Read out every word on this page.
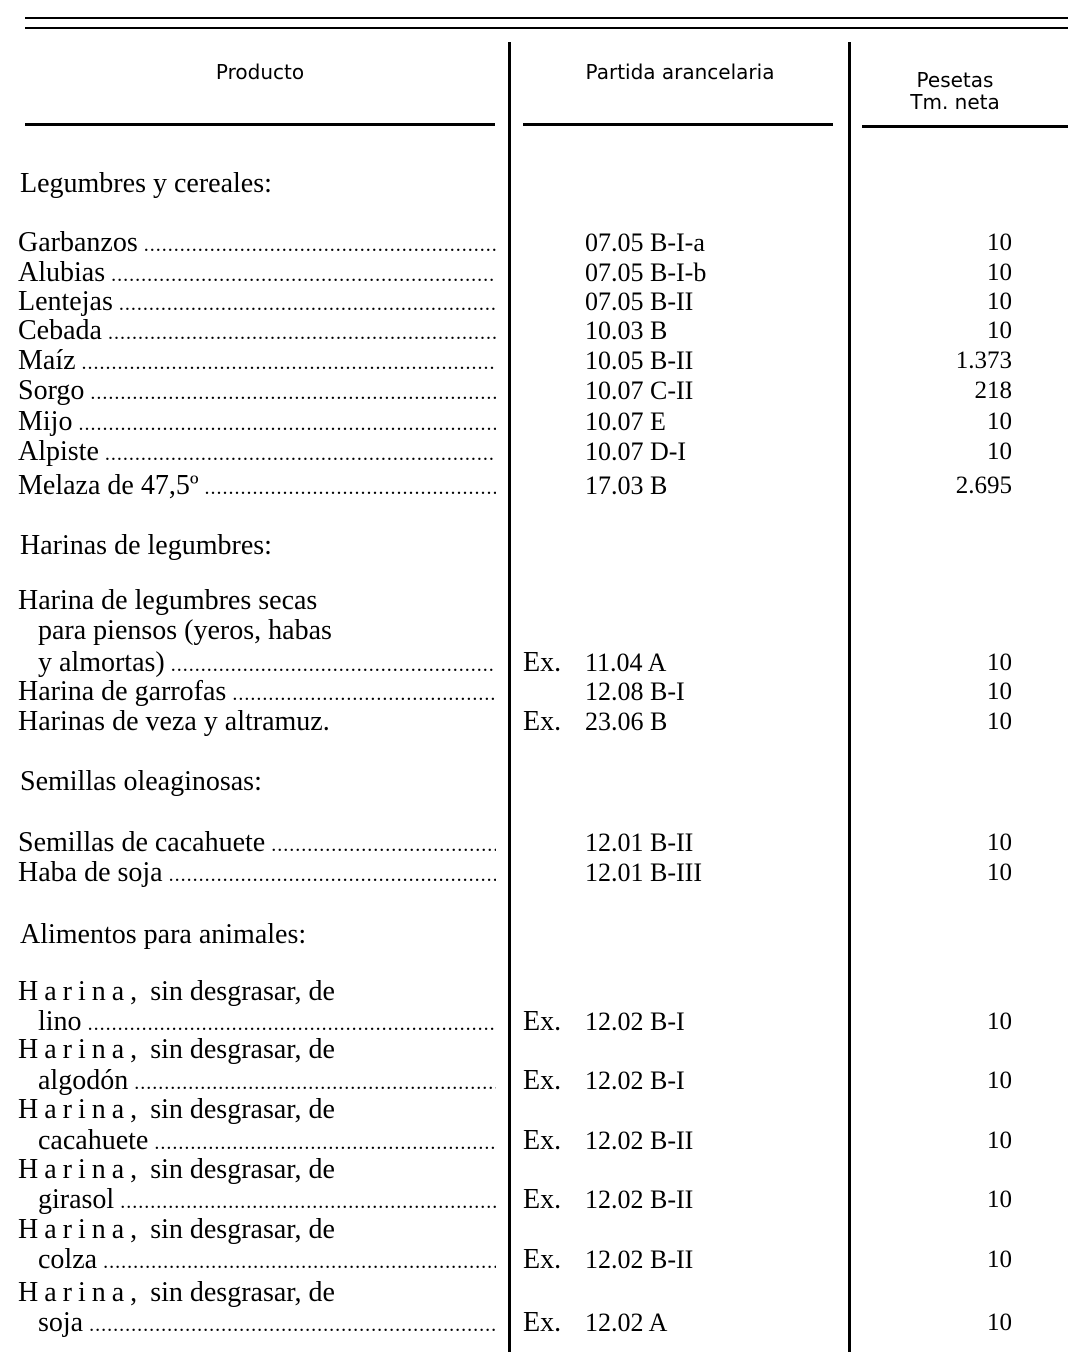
Producto	Partida arancelaria	Pesetas
Tm. neta
Legumbres y cereales:
Garbanzos .....	07.05 B-I-a	10
Alubias .....	07.05 B-I-b	10
Lentejas .....	07.05 B-II	10
Cebada .....	10.03 B	10
Maíz .....	10.05 B-II	1.373
Sorgo .....	10.07 C-II	218
Mijo .....	10.07 E	10
Alpiste .....	10.07 D-I	10
Melaza de 47,5º .....	17.03 B	2.695
Harinas de legumbres:
Harina de legumbres secas
para piensos (yeros, habas
y almortas) .....	Ex. 11.04 A	10
Harina de garrofas .....	12.08 B-I	10
Harinas de veza y altramuz.	Ex. 23.06 B	10
Semillas oleaginosas:
Semillas de cacahuete .....	12.01 B-II	10
Haba de soja .....	12.01 B-III	10
Alimentos para animales:
Harina, sin desgrasar, de
lino .....	Ex. 12.02 B-I	10
Harina, sin desgrasar, de
algodón .....	Ex. 12.02 B-I	10
Harina, sin desgrasar, de
cacahuete .....	Ex. 12.02 B-II	10
Harina, sin desgrasar, de
girasol .....	Ex. 12.02 B-II	10
Harina, sin desgrasar, de
colza .....	Ex. 12.02 B-II	10
Harina, sin desgrasar, de
soja .....	Ex. 12.02 A	10
